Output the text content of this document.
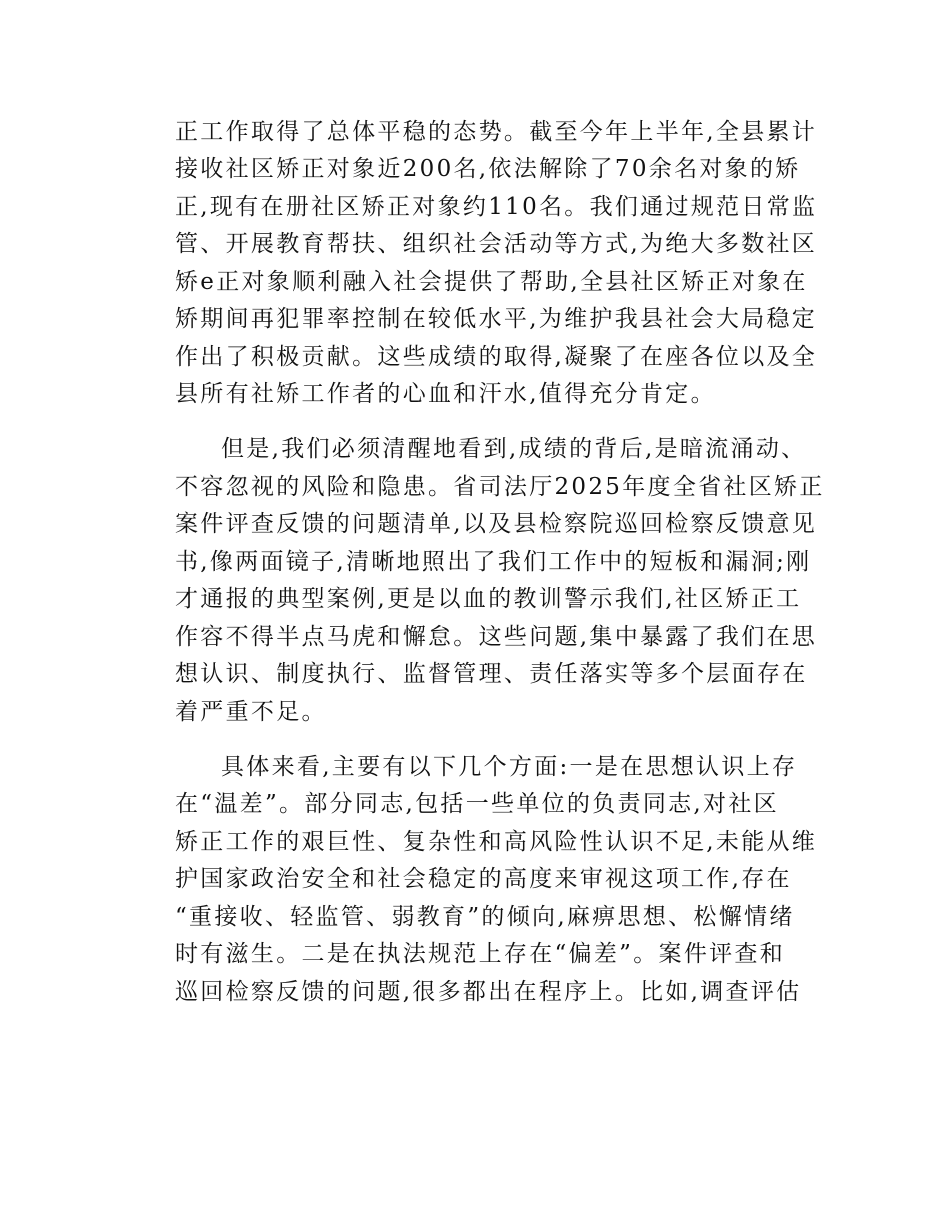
正工作取得了总体平稳的态势。截至今年上半年,全县累计

接收社区矫正对象近200名,依法解除了70余名对象的矫

正,现有在册社区矫正对象约110名。我们通过规范日常监

管、开展教育帮扶、组织社会活动等方式,为绝大多数社区

矫e正对象顺利融入社会提供了帮助,全县社区矫正对象在

矫期间再犯罪率控制在较低水平,为维护我县社会大局稳定

作出了积极贡献。这些成绩的取得,凝聚了在座各位以及全

县所有社矫工作者的心血和汗水,值得充分肯定。

但是,我们必须清醒地看到,成绩的背后,是暗流涌动、

不容忽视的风险和隐患。省司法厅2025年度全省社区矫正

案件评查反馈的问题清单,以及县检察院巡回检察反馈意见

书,像两面镜子,清晰地照出了我们工作中的短板和漏洞;刚

才通报的典型案例,更是以血的教训警示我们,社区矫正工

作容不得半点马虎和懈怠。这些问题,集中暴露了我们在思

想认识、制度执行、监督管理、责任落实等多个层面存在

着严重不足。

具体来看,主要有以下几个方面:一是在思想认识上存

在“温差”。部分同志,包括一些单位的负责同志,对社区

矫正工作的艰巨性、复杂性和高风险性认识不足,未能从维

护国家政治安全和社会稳定的高度来审视这项工作,存在

“重接收、轻监管、弱教育”的倾向,麻痹思想、松懈情绪

时有滋生。二是在执法规范上存在“偏差”。案件评查和

巡回检察反馈的问题,很多都出在程序上。比如,调查评估
